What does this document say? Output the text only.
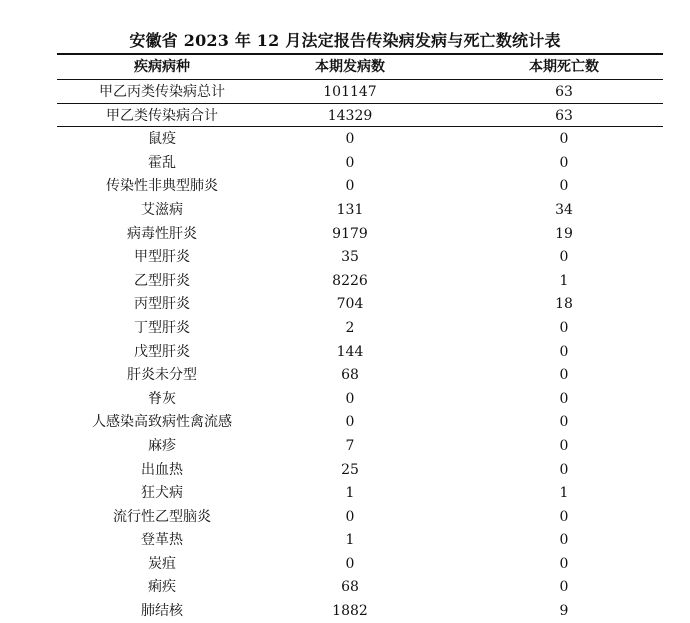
安徽省 2023 年 12 月法定报告传染病发病与死亡数统计表
疾病病种	本期发病数	本期死亡数
甲乙丙类传染病总计	101147	63
甲乙类传染病合计	14329	63
鼠疫	0	0
霍乱	0	0
传染性非典型肺炎	0	0
艾滋病	131	34
病毒性肝炎	9179	19
甲型肝炎	35	0
乙型肝炎	8226	1
丙型肝炎	704	18
丁型肝炎	2	0
戊型肝炎	144	0
肝炎未分型	68	0
脊灰	0	0
人感染高致病性禽流感	0	0
麻疹	7	0
出血热	25	0
狂犬病	1	1
流行性乙型脑炎	0	0
登革热	1	0
炭疽	0	0
痢疾	68	0
肺结核	1882	9
